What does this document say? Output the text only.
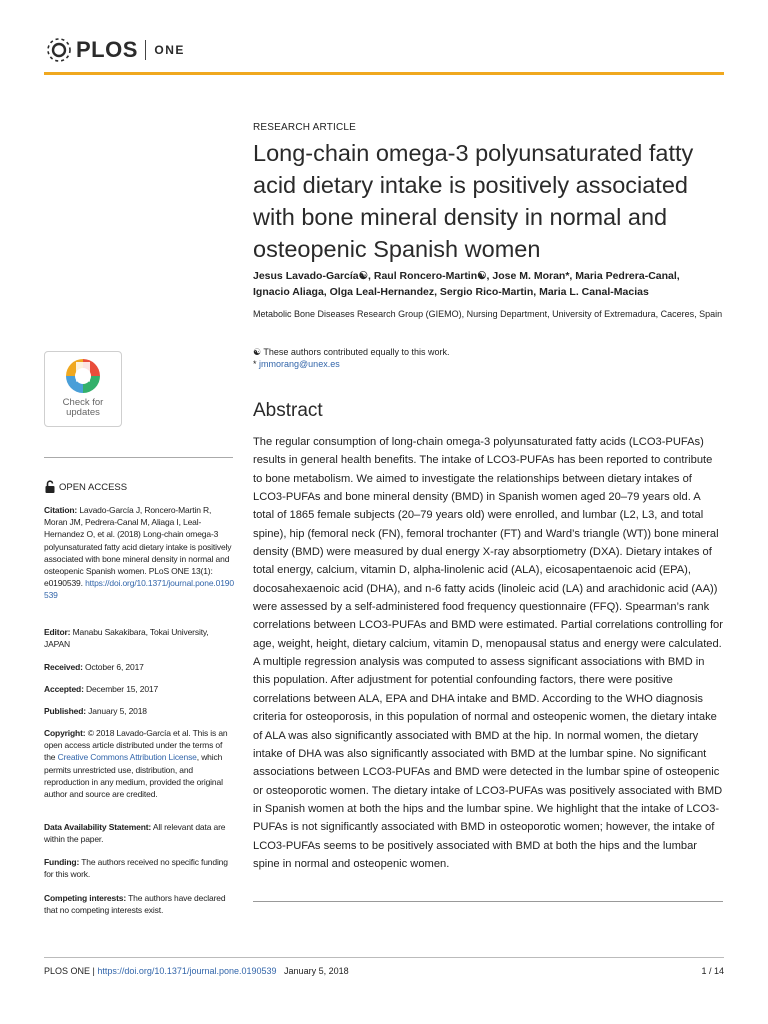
PLOS ONE
RESEARCH ARTICLE
Long-chain omega-3 polyunsaturated fatty acid dietary intake is positively associated with bone mineral density in normal and osteopenic Spanish women
Jesus Lavado-García☯, Raul Roncero-Martin☯, Jose M. Moran*, Maria Pedrera-Canal,
Ignacio Aliaga, Olga Leal-Hernandez, Sergio Rico-Martin, Maria L. Canal-Macias
Metabolic Bone Diseases Research Group (GIEMO), Nursing Department, University of Extremadura, Caceres, Spain
☯ These authors contributed equally to this work.
* jmmorang@unex.es
Abstract

The regular consumption of long-chain omega-3 polyunsaturated fatty acids (LCO3-PUFAs) results in general health benefits. The intake of LCO3-PUFAs has been reported to contribute to bone metabolism. We aimed to investigate the relationships between dietary intakes of LCO3-PUFAs and bone mineral density (BMD) in Spanish women aged 20–79 years old. A total of 1865 female subjects (20–79 years old) were enrolled, and lumbar (L2, L3, and total spine), hip (femoral neck (FN), femoral trochanter (FT) and Ward’s triangle (WT)) bone mineral density (BMD) were measured by dual energy X-ray absorptiometry (DXA). Dietary intakes of total energy, calcium, vitamin D, alpha-linolenic acid (ALA), eicosapentaenoic acid (EPA), docosahexaenoic acid (DHA), and n-6 fatty acids (linoleic acid (LA) and arachidonic acid (AA)) were assessed by a self-administered food frequency questionnaire (FFQ). Spearman’s rank correlations between LCO3-PUFAs and BMD were estimated. Partial correlations controlling for age, weight, height, dietary calcium, vitamin D, menopausal status and energy were calculated. A multiple regression analysis was computed to assess significant associations with BMD in this population. After adjustment for potential confounding factors, there were positive correlations between ALA, EPA and DHA intake and BMD. According to the WHO diagnosis criteria for osteoporosis, in this population of normal and osteopenic women, the dietary intake of ALA was also significantly associated with BMD at the hip. In normal women, the dietary intake of DHA was also significantly associated with BMD at the lumbar spine. No significant associations between LCO3-PUFAs and BMD were detected in the lumbar spine of osteopenic or osteoporotic women. The dietary intake of LCO3-PUFAs was positively associated with BMD in Spanish women at both the hips and the lumbar spine. We highlight that the intake of LCO3-PUFAs is not significantly associated with BMD in osteoporotic women; however, the intake of LCO3-PUFAs seems to be positively associated with BMD at both the hips and the lumbar spine in normal and osteopenic women.

Check for
updates
OPEN ACCESS
Citation: Lavado-García J, Roncero-Martin R, Moran JM, Pedrera-Canal M, Aliaga I, Leal-Hernandez O, et al. (2018) Long-chain omega-3 polyunsaturated fatty acid dietary intake is positively associated with bone mineral density in normal and osteopenic Spanish women. PLoS ONE 13(1): e0190539. https://doi.org/10.1371/journal.pone.0190539
Editor: Manabu Sakakibara, Tokai University, JAPAN
Received: October 6, 2017
Accepted: December 15, 2017
Published: January 5, 2018
Copyright: © 2018 Lavado-García et al. This is an open access article distributed under the terms of the Creative Commons Attribution License, which permits unrestricted use, distribution, and reproduction in any medium, provided the original author and source are credited.
Data Availability Statement: All relevant data are within the paper.
Funding: The authors received no specific funding for this work.
Competing interests: The authors have declared that no competing interests exist.
PLOS ONE | https://doi.org/10.1371/journal.pone.0190539 January 5, 2018	1 / 14
